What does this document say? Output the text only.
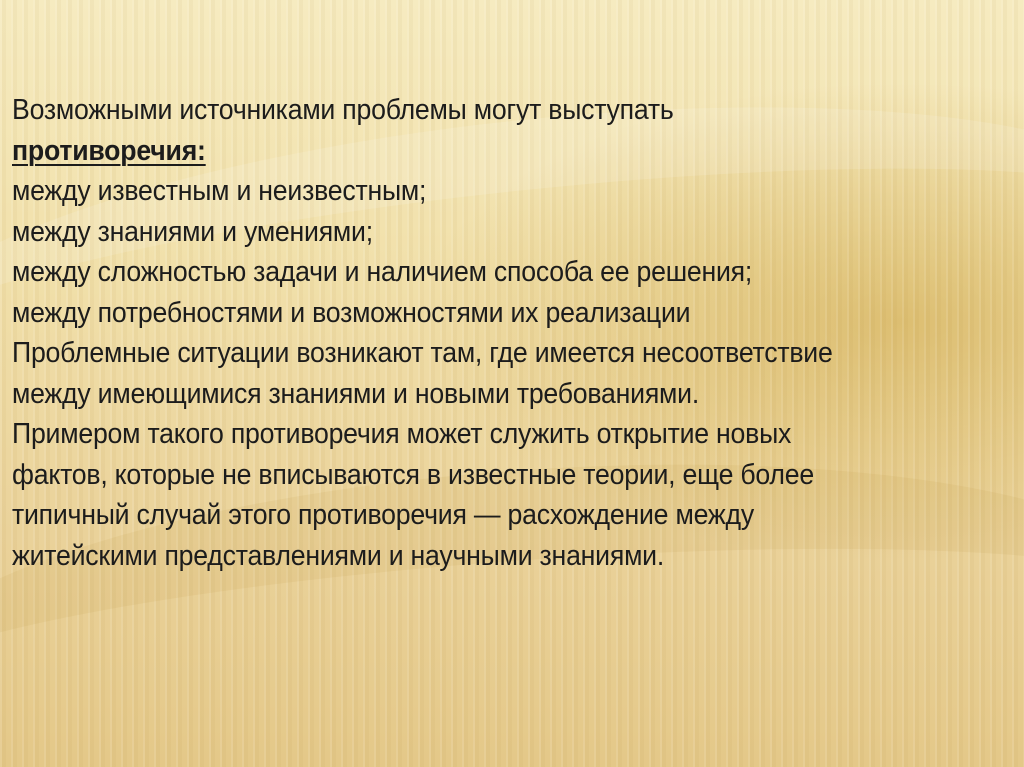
Возможными источниками проблемы могут выступать
противоречия:
между известным и неизвестным;
между знаниями и умениями;
между сложностью задачи и наличием способа ее решения;
между потребностями и возможностями их реализации
Проблемные ситуации возникают там, где имеется несоответствие
между имеющимися знаниями и новыми требованиями.
Примером такого противоречия может служить открытие новых
фактов, которые не вписываются в известные теории, еще более
типичный случай этого противоречия — расхождение между
житейскими представлениями и научными знаниями.
